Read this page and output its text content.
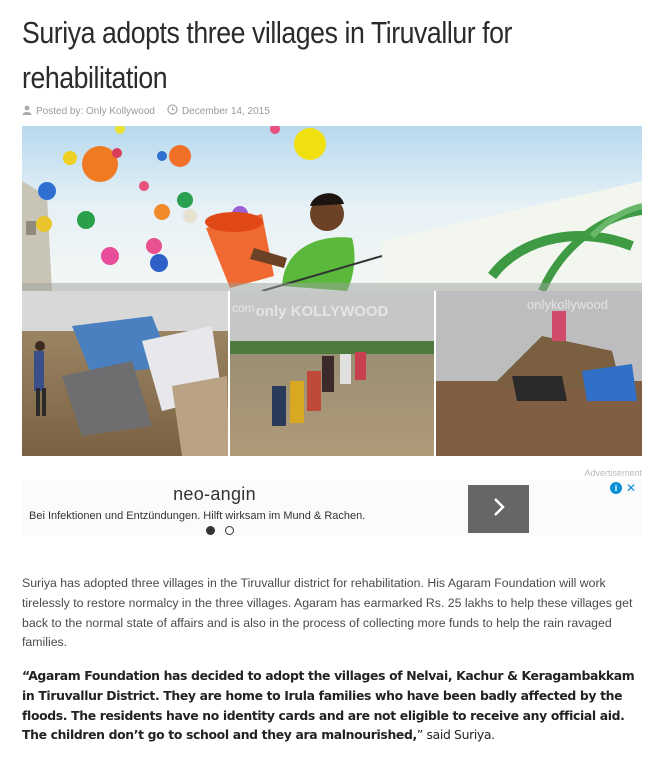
Suriya adopts three villages in Tiruvallur for rehabilitation
Posted by: Only Kollywood	December 14, 2015
only KOLLYWOOD
com	onlykollywood
Advertisement
neo-angin
Bei Infektionen und Entzündungen. Hilft wirksam im Mund & Rachen.
i ✕

Suriya has adopted three villages in the Tiruvallur district for rehabilitation. His Agaram Foundation will work tirelessly to restore normalcy in the three villages. Agaram has earmarked Rs. 25 lakhs to help these villages get back to the normal state of affairs and is also in the process of collecting more funds to help the rain ravaged families.

“Agaram Foundation has decided to adopt the villages of Nelvai, Kachur & Keragambakkam in Tiruvallur District. They are home to Irula families who have been badly affected by the floods. The residents have no identity cards and are not eligible to receive any official aid. The children don’t go to school and they ara malnourished,” said Suriya.
